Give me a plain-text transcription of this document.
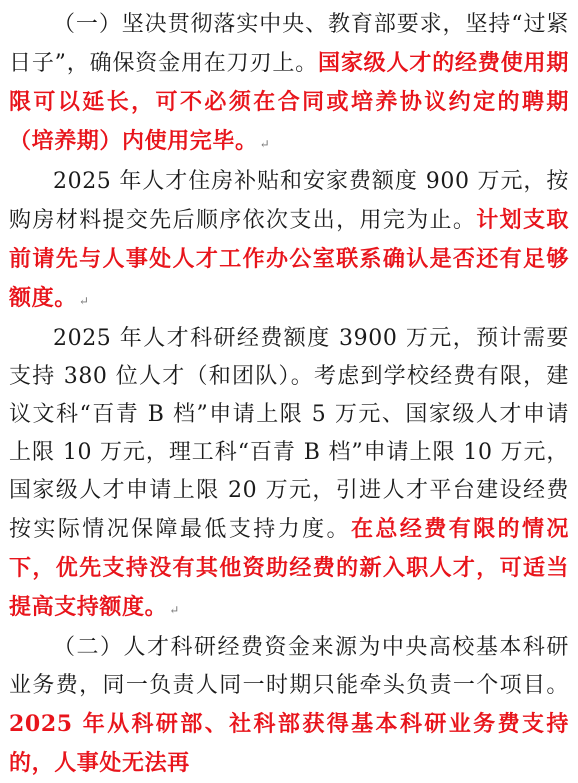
（一）坚决贯彻落实中央、教育部要求，坚持“过紧日子”，确保资金用在刀刃上。国家级人才的经费使用期限可以延长，可不必须在合同或培养协议约定的聘期（培养期）内使用完毕。 ↵

2025 年人才住房补贴和安家费额度 900 万元，按购房材料提交先后顺序依次支出，用完为止。计划支取前请先与人事处人才工作办公室联系确认是否还有足够额度。 ↵

2025 年人才科研经费额度 3900 万元，预计需要支持 380 位人才（和团队）。考虑到学校经费有限，建议文科“百青 B 档”申请上限 5 万元、国家级人才申请上限 10 万元，理工科“百青 B 档”申请上限 10 万元，国家级人才申请上限 20 万元，引进人才平台建设经费按实际情况保障最低支持力度。在总经费有限的情况下，优先支持没有其他资助经费的新入职人才，可适当提高支持额度。 ↵

（二）人才科研经费资金来源为中央高校基本科研业务费，同一负责人同一时期只能牵头负责一个项目。2025 年从科研部、社科部获得基本科研业务费支持的，人事处无法再
